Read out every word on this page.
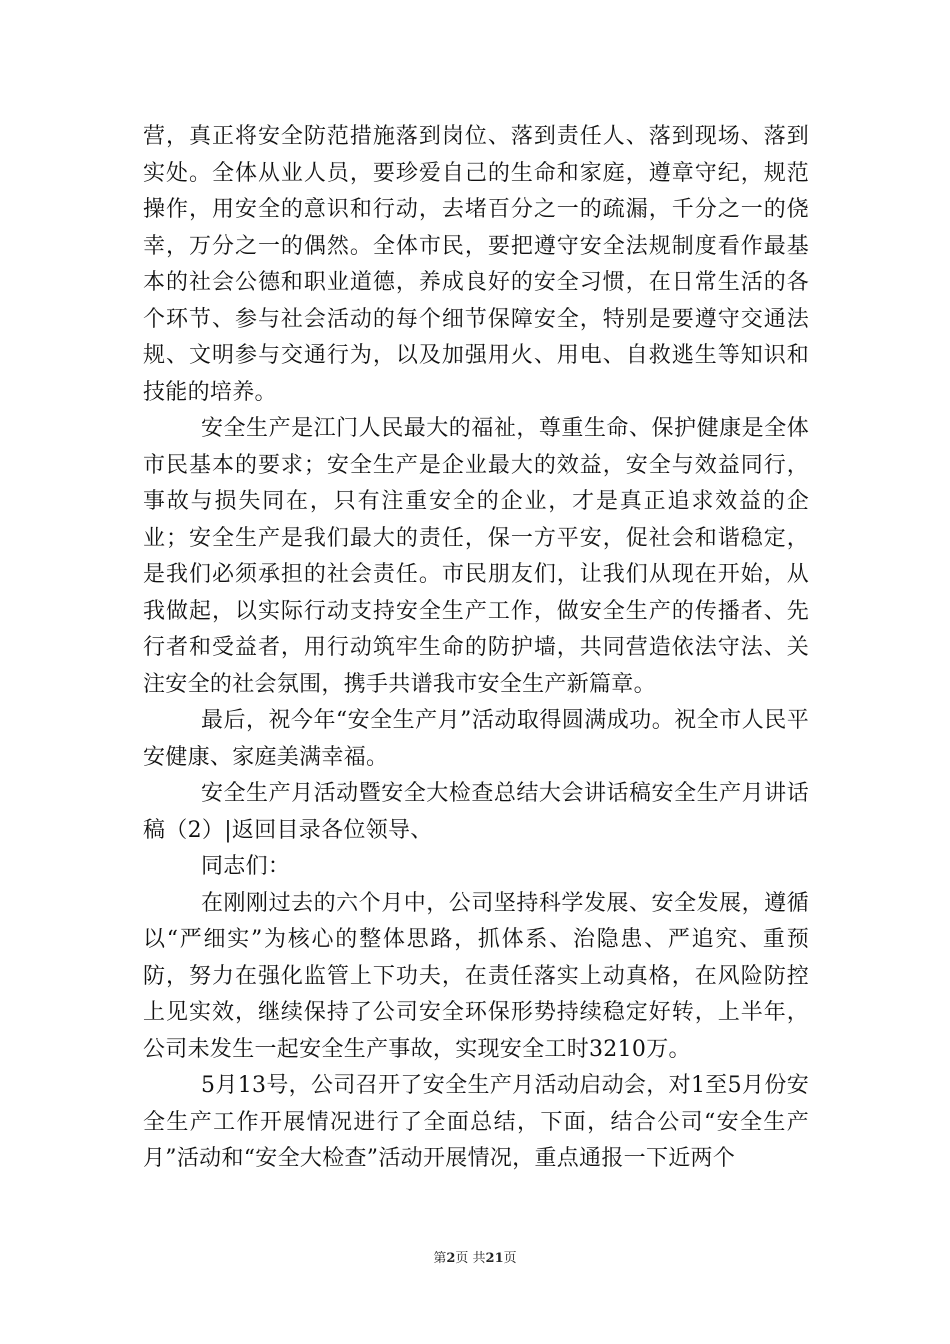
营，真正将安全防范措施落到岗位、落到责任人、落到现场、落到实处。全体从业人员，要珍爱自己的生命和家庭，遵章守纪，规范操作，用安全的意识和行动，去堵百分之一的疏漏，千分之一的侥幸，万分之一的偶然。全体市民，要把遵守安全法规制度看作最基本的社会公德和职业道德，养成良好的安全习惯，在日常生活的各个环节、参与社会活动的每个细节保障安全，特别是要遵守交通法规、文明参与交通行为，以及加强用火、用电、自救逃生等知识和技能的培养。

安全生产是江门人民最大的福祉，尊重生命、保护健康是全体市民基本的要求；安全生产是企业最大的效益，安全与效益同行，事故与损失同在，只有注重安全的企业，才是真正追求效益的企业；安全生产是我们最大的责任，保一方平安，促社会和谐稳定，是我们必须承担的社会责任。市民朋友们，让我们从现在开始，从我做起，以实际行动支持安全生产工作，做安全生产的传播者、先行者和受益者，用行动筑牢生命的防护墙，共同营造依法守法、关注安全的社会氛围，携手共谱我市安全生产新篇章。

最后，祝今年“安全生产月”活动取得圆满成功。祝全市人民平安健康、家庭美满幸福。

安全生产月活动暨安全大检查总结大会讲话稿安全生产月讲话稿（2）|返回目录各位领导、

同志们：

在刚刚过去的六个月中，公司坚持科学发展、安全发展，遵循以“严细实”为核心的整体思路，抓体系、治隐患、严追究、重预防，努力在强化监管上下功夫，在责任落实上动真格，在风险防控上见实效，继续保持了公司安全环保形势持续稳定好转，上半年，公司未发生一起安全生产事故，实现安全工时3210万。

5月13号，公司召开了安全生产月活动启动会，对1至5月份安全生产工作开展情况进行了全面总结，下面，结合公司“安全生产月”活动和“安全大检查”活动开展情况，重点通报一下近两个

第2页 共21页
